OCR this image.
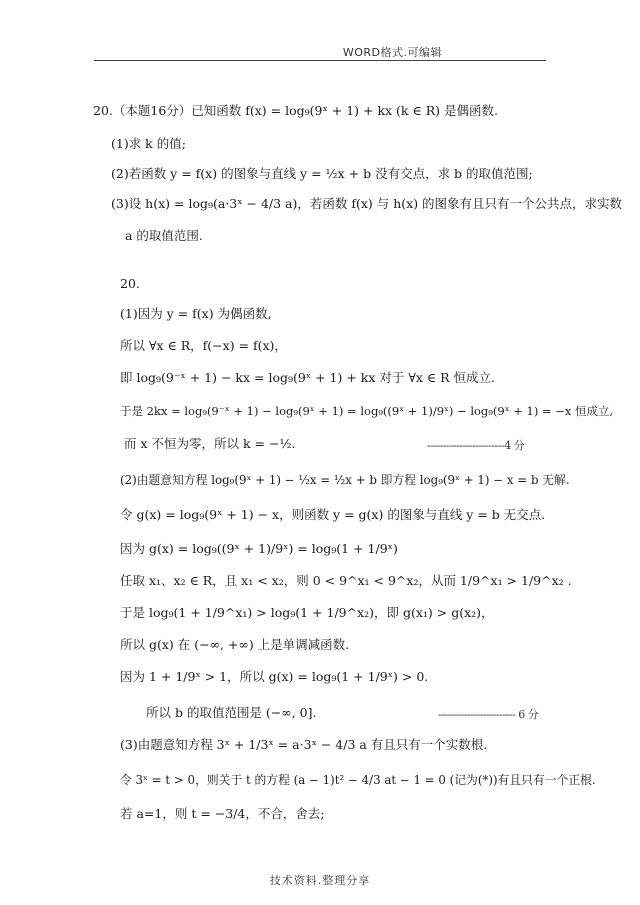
WORD格式.可编辑
20.（本题16分）已知函数 f(x) = log₉(9ˣ + 1) + kx (k ∈ R) 是偶函数.
(1)求 k 的值;
(2)若函数 y = f(x) 的图象与直线 y = ½x + b 没有交点，求 b 的取值范围;
(3)设 h(x) = log₉(a·3ˣ − 4/3 a)，若函数 f(x) 与 h(x) 的图象有且只有一个公共点，求实数
a 的取值范围.
20.
(1)因为 y = f(x) 为偶函数,
所以 ∀x ∈ R，f(−x) = f(x)，
即 log₉(9⁻ˣ + 1) − kx = log₉(9ˣ + 1) + kx 对于 ∀x ∈ R 恒成立.
于是 2kx = log₉(9⁻ˣ + 1) − log₉(9ˣ + 1) = log₉((9ˣ + 1)/9ˣ) − log₉(9ˣ + 1) = −x 恒成立,
而 x 不恒为零，所以 k = −½.	------------------------4 分
(2)由题意知方程 log₉(9ˣ + 1) − ½x = ½x + b 即方程 log₉(9ˣ + 1) − x = b 无解.
令 g(x) = log₉(9ˣ + 1) − x，则函数 y = g(x) 的图象与直线 y = b 无交点.
因为 g(x) = log₉((9ˣ + 1)/9ˣ) = log₉(1 + 1/9ˣ)
任取 x₁、x₂ ∈ R，且 x₁ < x₂，则 0 < 9^x₁ < 9^x₂，从而 1/9^x₁ > 1/9^x₂ .
于是 log₉(1 + 1/9^x₁) > log₉(1 + 1/9^x₂)，即 g(x₁) > g(x₂)，
所以 g(x) 在 (−∞, +∞) 上是单调减函数.
因为 1 + 1/9ˣ > 1，所以 g(x) = log₉(1 + 1/9ˣ) > 0.
所以 b 的取值范围是 (−∞, 0].	------------------------ 6 分
(3)由题意知方程 3ˣ + 1/3ˣ = a·3ˣ − 4/3 a 有且只有一个实数根.
令 3ˣ = t > 0，则关于 t 的方程 (a − 1)t² − 4/3 at − 1 = 0 (记为(*))有且只有一个正根.
若 a=1，则 t = −3/4，不合，舍去;
技术资料.整理分享
